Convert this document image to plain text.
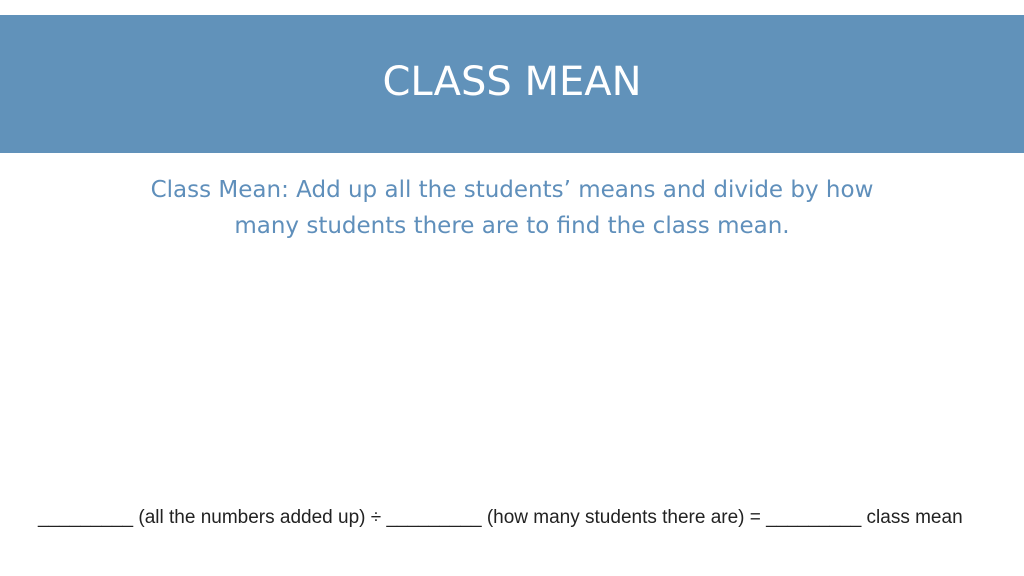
CLASS MEAN
Class Mean: Add up all the students’ means and divide by how many students there are to find the class mean.
_________ (all the numbers added up) ÷ _________ (how many students there are) = _________ class mean
